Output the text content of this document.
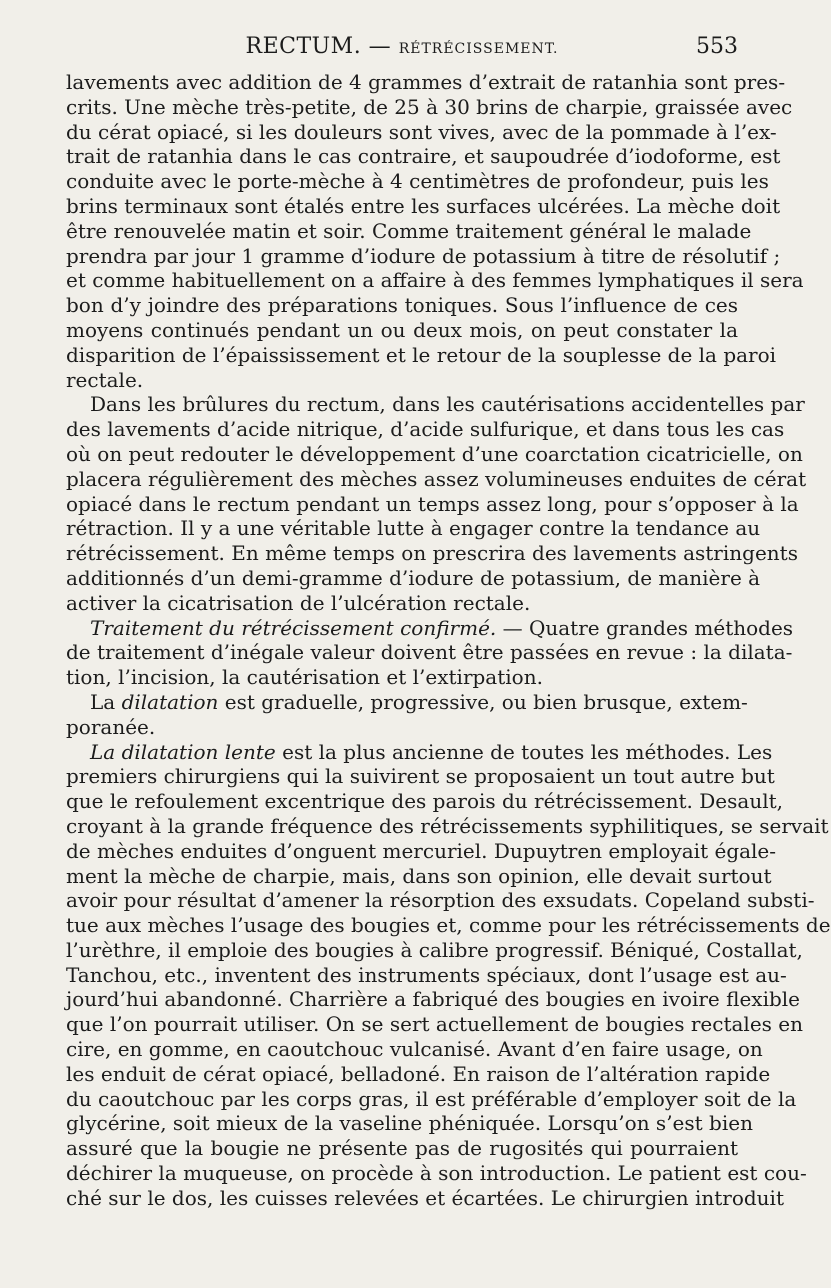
RECTUM. — RÉTRÉCISSEMENT.	553
lavements avec addition de 4 grammes d’extrait de ratanhia sont pres-
crits. Une mèche très-petite, de 25 à 30 brins de charpie, graissée avec
du cérat opiacé, si les douleurs sont vives, avec de la pommade à l’ex-
trait de ratanhia dans le cas contraire, et saupoudrée d’iodoforme, est
conduite avec le porte-mèche à 4 centimètres de profondeur, puis les
brins terminaux sont étalés entre les surfaces ulcérées. La mèche doit
être renouvelée matin et soir. Comme traitement général le malade
prendra par jour 1 gramme d’iodure de potassium à titre de résolutif ;
et comme habituellement on a affaire à des femmes lymphatiques il sera
bon d’y joindre des préparations toniques. Sous l’influence de ces
moyens continués pendant un ou deux mois, on peut constater la
disparition de l’épaississement et le retour de la souplesse de la paroi
rectale.
Dans les brûlures du rectum, dans les cautérisations accidentelles par
des lavements d’acide nitrique, d’acide sulfurique, et dans tous les cas
où on peut redouter le développement d’une coarctation cicatricielle, on
placera régulièrement des mèches assez volumineuses enduites de cérat
opiacé dans le rectum pendant un temps assez long, pour s’opposer à la
rétraction. Il y a une véritable lutte à engager contre la tendance au
rétrécissement. En même temps on prescrira des lavements astringents
additionnés d’un demi-gramme d’iodure de potassium, de manière à
activer la cicatrisation de l’ulcération rectale.
Traitement du rétrécissement confirmé. — Quatre grandes méthodes
de traitement d’inégale valeur doivent être passées en revue : la dilata-
tion, l’incision, la cautérisation et l’extirpation.
La dilatation est graduelle, progressive, ou bien brusque, extem-
poranée.
La dilatation lente est la plus ancienne de toutes les méthodes. Les
premiers chirurgiens qui la suivirent se proposaient un tout autre but
que le refoulement excentrique des parois du rétrécissement. Desault,
croyant à la grande fréquence des rétrécissements syphilitiques, se servait
de mèches enduites d’onguent mercuriel. Dupuytren employait égale-
ment la mèche de charpie, mais, dans son opinion, elle devait surtout
avoir pour résultat d’amener la résorption des exsudats. Copeland substi-
tue aux mèches l’usage des bougies et, comme pour les rétrécissements de
l’urèthre, il emploie des bougies à calibre progressif. Béniqué, Costallat,
Tanchou, etc., inventent des instruments spéciaux, dont l’usage est au-
jourd’hui abandonné. Charrière a fabriqué des bougies en ivoire flexible
que l’on pourrait utiliser. On se sert actuellement de bougies rectales en
cire, en gomme, en caoutchouc vulcanisé. Avant d’en faire usage, on
les enduit de cérat opiacé, belladoné. En raison de l’altération rapide
du caoutchouc par les corps gras, il est préférable d’employer soit de la
glycérine, soit mieux de la vaseline phéniquée. Lorsqu’on s’est bien
assuré que la bougie ne présente pas de rugosités qui pourraient
déchirer la muqueuse, on procède à son introduction. Le patient est cou-
ché sur le dos, les cuisses relevées et écartées. Le chirurgien introduit
